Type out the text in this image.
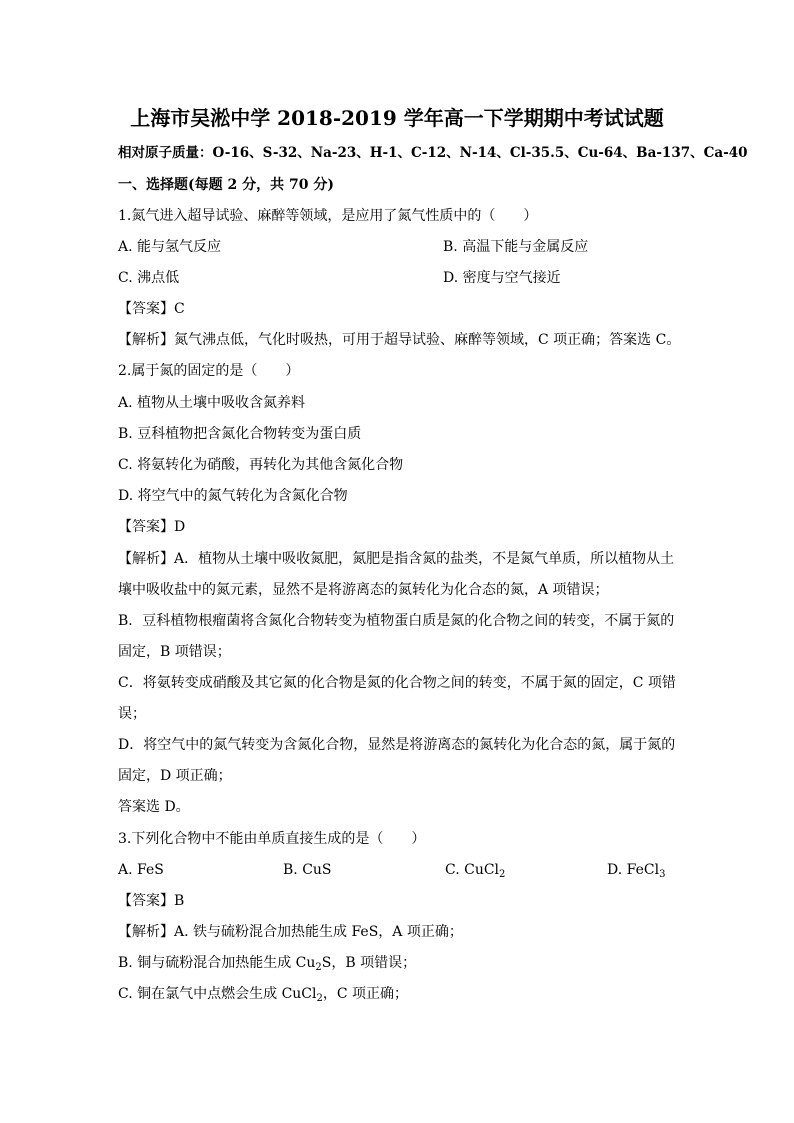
上海市吴淞中学 2018-2019 学年高一下学期期中考试试题
相对原子质量：O-16、S-32、Na-23、H-1、C-12、N-14、Cl-35.5、Cu-64、Ba-137、Ca-40
一、选择题(每题 2 分，共 70 分)
1.氮气进入超导试验、麻醉等领域，是应用了氮气性质中的（　　）
A. 能与氢气反应	B. 高温下能与金属反应
C. 沸点低	D. 密度与空气接近
【答案】C
【解析】氮气沸点低，气化时吸热，可用于超导试验、麻醉等领域，C 项正确；答案选 C。
2.属于氮的固定的是（　　）
A. 植物从土壤中吸收含氮养料
B. 豆科植物把含氮化合物转变为蛋白质
C. 将氨转化为硝酸，再转化为其他含氮化合物
D. 将空气中的氮气转化为含氮化合物
【答案】D
【解析】A．植物从土壤中吸收氮肥，氮肥是指含氮的盐类，不是氮气单质，所以植物从土
壤中吸收盐中的氮元素，显然不是将游离态的氮转化为化合态的氮，A 项错误；
B．豆科植物根瘤菌将含氮化合物转变为植物蛋白质是氮的化合物之间的转变，不属于氮的
固定，B 项错误；
C．将氨转变成硝酸及其它氮的化合物是氮的化合物之间的转变，不属于氮的固定，C 项错
误；
D．将空气中的氮气转变为含氮化合物，显然是将游离态的氮转化为化合态的氮，属于氮的
固定，D 项正确；
答案选 D。
3.下列化合物中不能由单质直接生成的是（　　）
A. FeS	B. CuS	C. CuCl$_2$	D. FeCl$_3$
【答案】B
【解析】A. 铁与硫粉混合加热能生成 FeS，A 项正确；
B. 铜与硫粉混合加热能生成 $Cu_2S$，B 项错误；
C. 铜在氯气中点燃会生成 CuCl$_2$，C 项正确；
